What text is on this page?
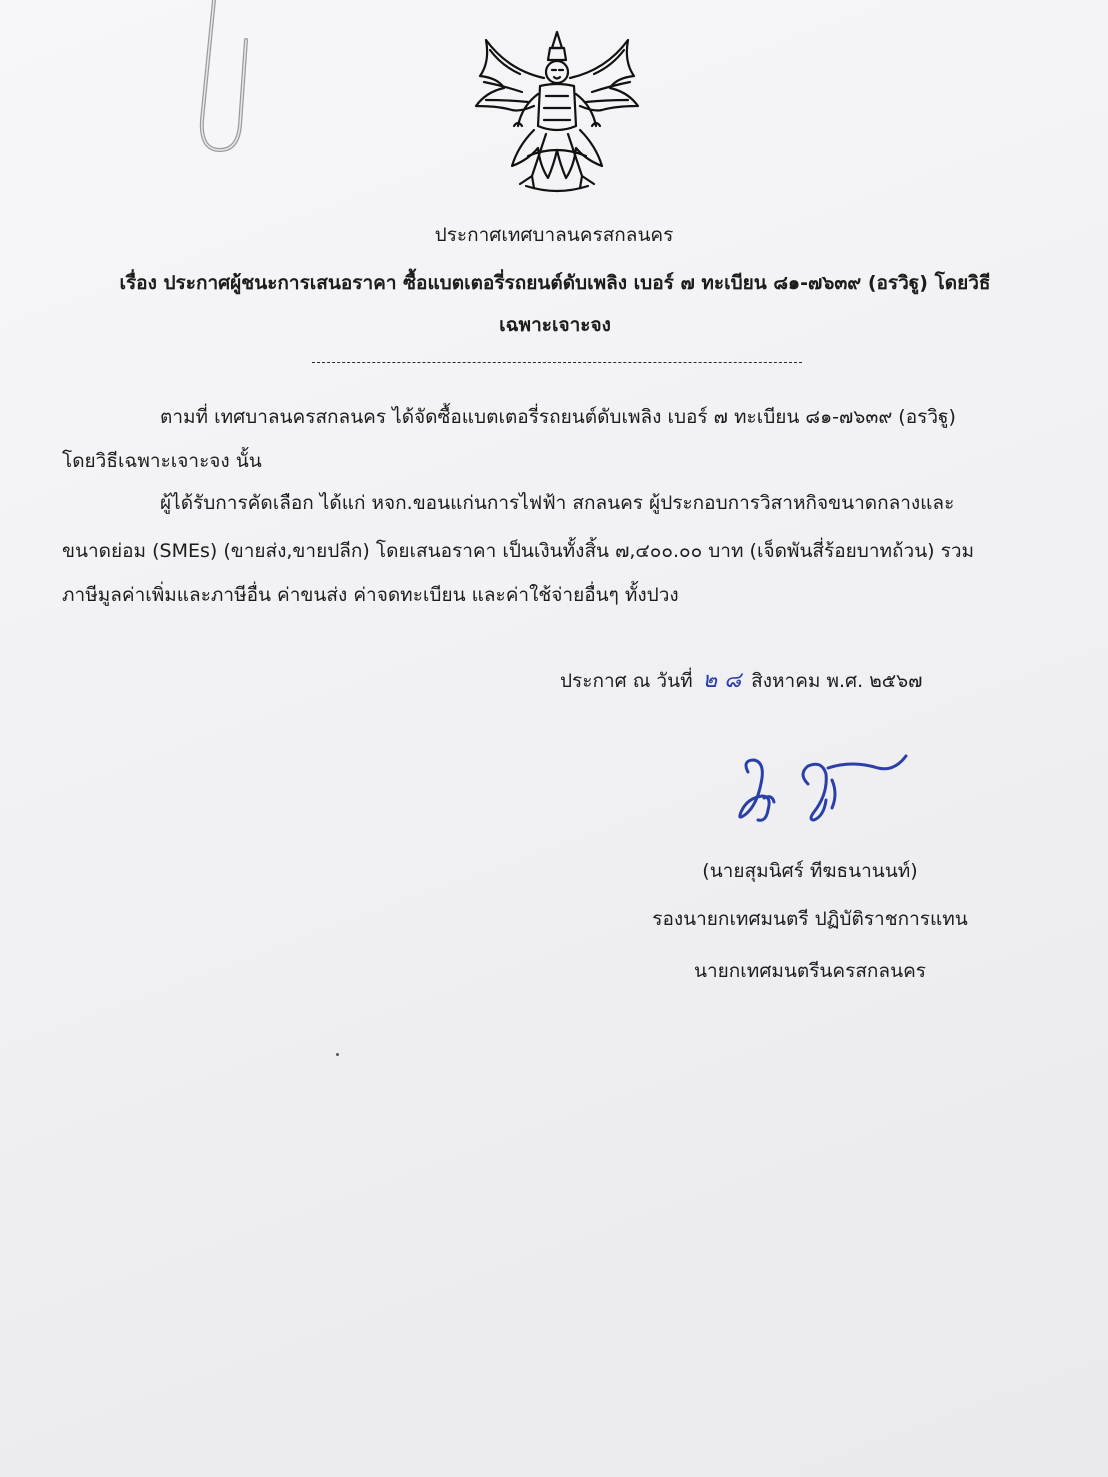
ประกาศเทศบาลนครสกลนคร
เรื่อง ประกาศผู้ชนะการเสนอราคา ซื้อแบตเตอรี่รถยนต์ดับเพลิง เบอร์ ๗ ทะเบียน ๘๑-๗๖๓๙ (อรวิฐู) โดยวิธี
เฉพาะเจาะจง
ตามที่ เทศบาลนครสกลนคร ได้จัดซื้อแบตเตอรี่รถยนต์ดับเพลิง เบอร์ ๗ ทะเบียน ๘๑-๗๖๓๙ (อรวิฐู)
โดยวิธีเฉพาะเจาะจง นั้น
ผู้ได้รับการคัดเลือก ได้แก่ หจก.ขอนแก่นการไฟฟ้า สกลนคร ผู้ประกอบการวิสาหกิจขนาดกลางและ
ขนาดย่อม (SMEs) (ขายส่ง,ขายปลีก) โดยเสนอราคา เป็นเงินทั้งสิ้น ๗,๔๐๐.๐๐ บาท (เจ็ดพันสี่ร้อยบาทถ้วน) รวม
ภาษีมูลค่าเพิ่มและภาษีอื่น ค่าขนส่ง ค่าจดทะเบียน และค่าใช้จ่ายอื่นๆ ทั้งปวง
ประกาศ ณ วันที่ ๒ ๘ สิงหาคม พ.ศ. ๒๕๖๗
(นายสุมนิศร์ ทีฆธนานนท์)
รองนายกเทศมนตรี ปฏิบัติราชการแทน
นายกเทศมนตรีนครสกลนคร
